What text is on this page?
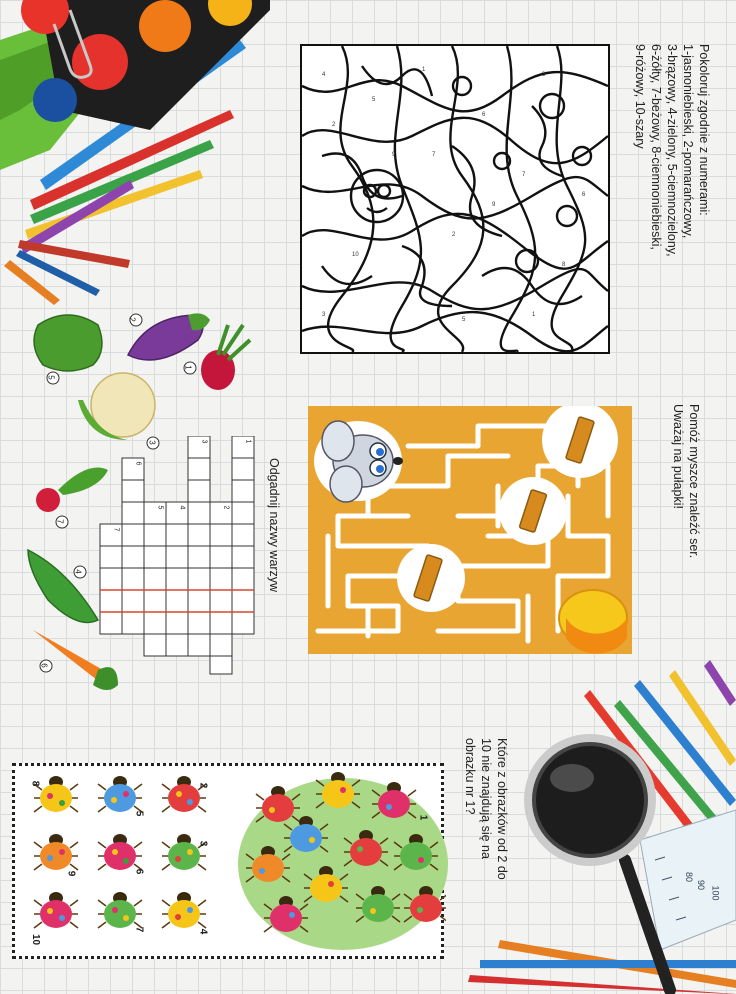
4
5
1
6
3
2
7
9
8
10
4
5
1
6
3
2
9
7
Pokoloruj zgodnie z numerami:
1-jasnoniebieski, 2-pomarańczowy,
3-brązowy, 4-zielony, 5-ciemnozielony,
6-żółty, 7-beżowy, 8-ciemnoniebieski,
9-różowy, 10-szary
Pomóż myszce znaleźć ser.
Uważaj na pułapki!
2
1
3
5
7
4
6
1
2
3
4
5
6
7	Odgadnij nazwy warzyw
1
2
3
4
5
6
7
8
9
10
Które z obrazków od 2 do
10 nie znajdują się na
obrazku nr 1?
100
90
80
